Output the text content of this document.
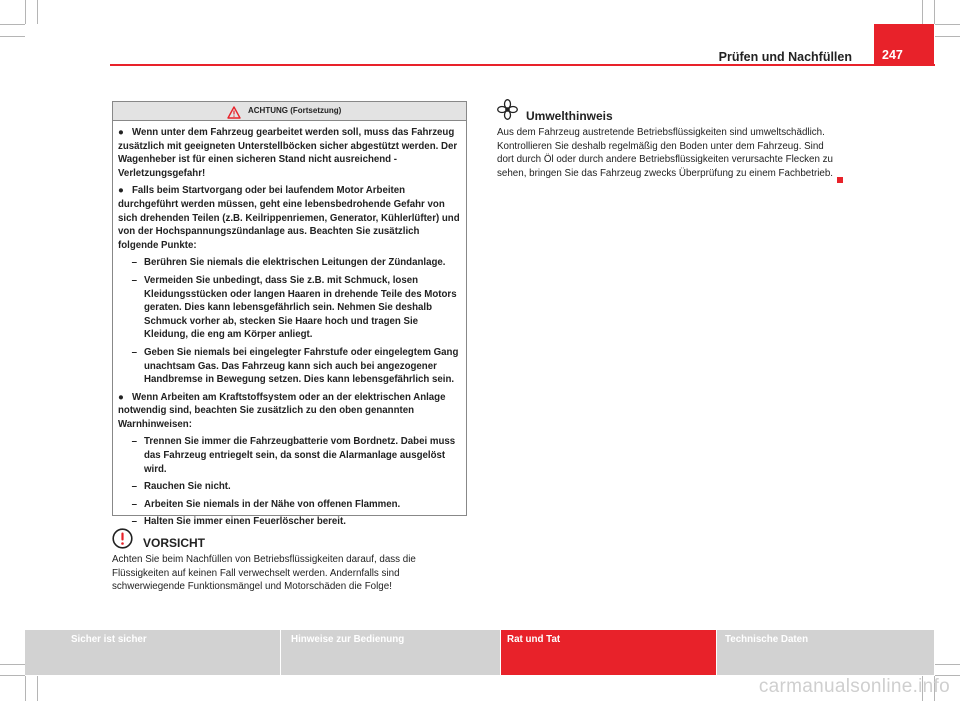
Prüfen und Nachfüllen 247
ACHTUNG (Fortsetzung)
● Wenn unter dem Fahrzeug gearbeitet werden soll, muss das Fahrzeug zusätzlich mit geeigneten Unterstellböcken sicher abgestützt werden. Der Wagenheber ist für einen sicheren Stand nicht ausreichend - Verletzungsgefahr!
● Falls beim Startvorgang oder bei laufendem Motor Arbeiten durchgeführt werden müssen, geht eine lebensbedrohende Gefahr von sich drehenden Teilen (z.B. Keilrippenriemen, Generator, Kühlerlüfter) und von der Hochspannungszündanlage aus. Beachten Sie zusätzlich folgende Punkte:
– Berühren Sie niemals die elektrischen Leitungen der Zündanlage.
– Vermeiden Sie unbedingt, dass Sie z.B. mit Schmuck, losen Kleidungsstücken oder langen Haaren in drehende Teile des Motors geraten. Dies kann lebensgefährlich sein. Nehmen Sie deshalb Schmuck vorher ab, stecken Sie Haare hoch und tragen Sie Kleidung, die eng am Körper anliegt.
– Geben Sie niemals bei eingelegter Fahrstufe oder eingelegtem Gang unachtsam Gas. Das Fahrzeug kann sich auch bei angezogener Handbremse in Bewegung setzen. Dies kann lebensgefährlich sein.
● Wenn Arbeiten am Kraftstoffsystem oder an der elektrischen Anlage notwendig sind, beachten Sie zusätzlich zu den oben genannten Warnhinweisen:
– Trennen Sie immer die Fahrzeugbatterie vom Bordnetz. Dabei muss das Fahrzeug entriegelt sein, da sonst die Alarmanlage ausgelöst wird.
– Rauchen Sie nicht.
– Arbeiten Sie niemals in der Nähe von offenen Flammen.
– Halten Sie immer einen Feuerlöscher bereit.
VORSICHT
Achten Sie beim Nachfüllen von Betriebsflüssigkeiten darauf, dass die Flüssigkeiten auf keinen Fall verwechselt werden. Andernfalls sind schwerwiegende Funktionsmängel und Motorschäden die Folge!
Umwelthinweis
Aus dem Fahrzeug austretende Betriebsflüssigkeiten sind umweltschädlich. Kontrollieren Sie deshalb regelmäßig den Boden unter dem Fahrzeug. Sind dort durch Öl oder durch andere Betriebsflüssigkeiten verursachte Flecken zu sehen, bringen Sie das Fahrzeug zwecks Überprüfung zu einem Fachbetrieb.
Sicher ist sicher	Hinweise zur Bedienung	Rat und Tat	Technische Daten
carmanualsonline.info
